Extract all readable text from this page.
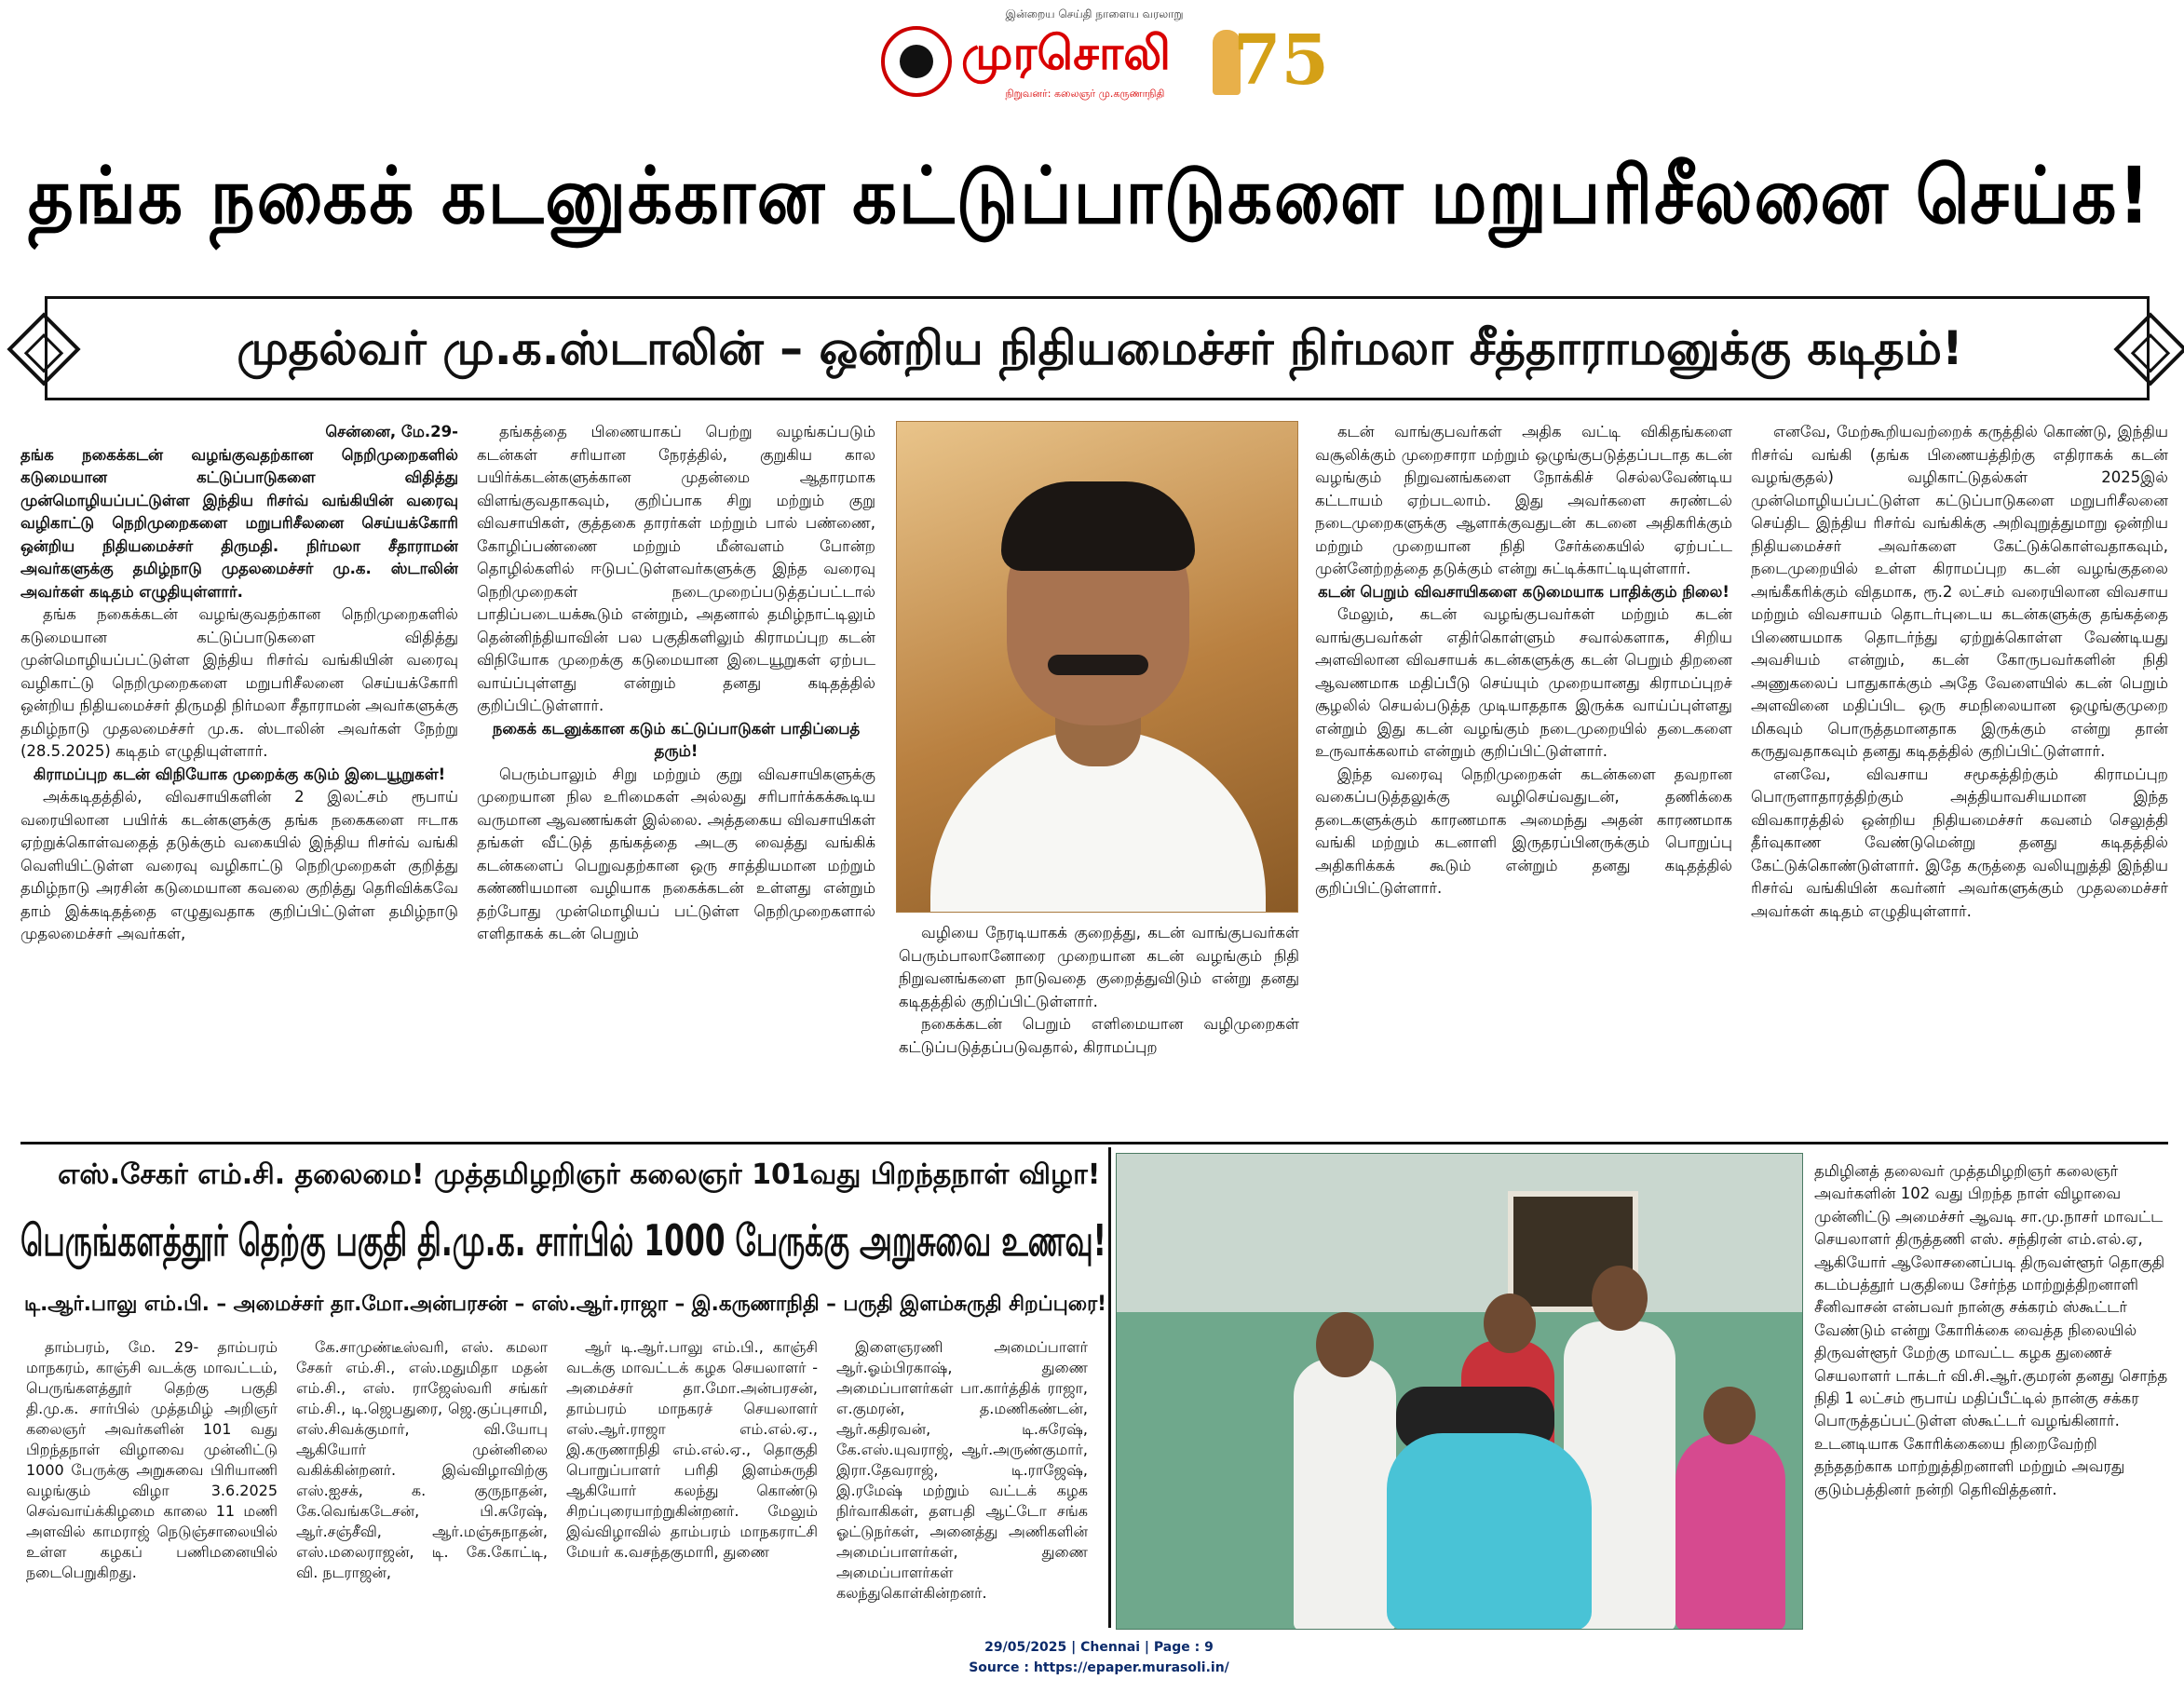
இன்றைய செய்தி நாளைய வரலாறு
முரசொலி
நிறுவனர்: கலைஞர் மு.கருணாநிதி 75
தங்க நகைக் கடனுக்கான கட்டுப்பாடுகளை மறுபரிசீலனை செய்க!
முதல்வர் மு.க.ஸ்டாலின் – ஒன்றிய நிதியமைச்சர் நிர்மலா சீத்தாராமனுக்கு கடிதம்!

சென்னை, மே.29-

தங்க நகைக்கடன் வழங்குவதற்கான நெறிமுறைகளில் கடுமையான கட்டுப்பாடுகளை விதித்து முன்மொழியப்பட்டுள்ள இந்திய ரிசர்வ் வங்கியின் வரைவு வழிகாட்டு நெறிமுறைகளை மறுபரிசீலனை செய்யக்கோரி ஒன்றிய நிதியமைச்சர் திருமதி. நிர்மலா சீதாராமன் அவர்களுக்கு தமிழ்நாடு முதலமைச்சர் மு.க. ஸ்டாலின் அவர்கள் கடிதம் எழுதியுள்ளார்.

தங்க நகைக்கடன் வழங்குவதற்கான நெறிமுறைகளில் கடுமையான கட்டுப்பாடுகளை விதித்து முன்மொழியப்பட்டுள்ள இந்திய ரிசர்வ் வங்கியின் வரைவு வழிகாட்டு நெறிமுறைகளை மறுபரிசீலனை செய்யக்கோரி ஒன்றிய நிதியமைச்சர் திருமதி நிர்மலா சீதாராமன் அவர்களுக்கு தமிழ்நாடு முதலமைச்சர் மு.க. ஸ்டாலின் அவர்கள் நேற்று (28.5.2025) கடிதம் எழுதியுள்ளார்.

கிராமப்புற கடன் விநியோக முறைக்கு கடும் இடையூறுகள்!

அக்கடிதத்தில், விவசாயிகளின் 2 இலட்சம் ரூபாய் வரையிலான பயிர்க் கடன்களுக்கு தங்க நகைகளை ஈடாக ஏற்றுக்கொள்வதைத் தடுக்கும் வகையில் இந்திய ரிசர்வ் வங்கி வெளியிட்டுள்ள வரைவு வழிகாட்டு நெறிமுறைகள் குறித்து தமிழ்நாடு அரசின் கடுமையான கவலை குறித்து தெரிவிக்கவே தாம் இக்கடிதத்தை எழுதுவதாக குறிப்பிட்டுள்ள தமிழ்நாடு முதலமைச்சர் அவர்கள்,

தங்கத்தை பிணையாகப் பெற்று வழங்கப்படும் கடன்கள் சரியான நேரத்தில், குறுகிய கால பயிர்க்கடன்களுக்கான முதன்மை ஆதாரமாக விளங்குவதாகவும், குறிப்பாக சிறு மற்றும் குறு விவசாயிகள், குத்தகை தாரர்கள் மற்றும் பால் பண்ணை, கோழிப்பண்ணை மற்றும் மீன்வளம் போன்ற தொழில்களில் ஈடுபட்டுள்ளவர்களுக்கு இந்த வரைவு நெறிமுறைகள் நடைமுறைப்படுத்தப்பட்டால் பாதிப்படையக்கூடும் என்றும், அதனால் தமிழ்நாட்டிலும் தென்னிந்தியாவின் பல பகுதிகளிலும் கிராமப்புற கடன் விநியோக முறைக்கு கடுமையான இடையூறுகள் ஏற்பட வாய்ப்புள்ளது என்றும் தனது கடிதத்தில் குறிப்பிட்டுள்ளார்.

நகைக் கடனுக்கான கடும் கட்டுப்பாடுகள் பாதிப்பைத் தரும்!

பெரும்பாலும் சிறு மற்றும் குறு விவசாயிகளுக்கு முறையான நில உரிமைகள் அல்லது சரிபார்க்கக்கூடிய வருமான ஆவணங்கள் இல்லை. அத்தகைய விவசாயிகள் தங்கள் வீட்டுத் தங்கத்தை அடகு வைத்து வங்கிக் கடன்களைப் பெறுவதற்கான ஒரு சாத்தியமான மற்றும் கண்ணியமான வழியாக நகைக்கடன் உள்ளது என்றும் தற்போது முன்மொழியப் பட்டுள்ள நெறிமுறைகளால் எளிதாகக் கடன் பெறும்	வழியை நேரடியாகக் குறைத்து, கடன் வாங்குபவர்கள் பெரும்பாலானோரை முறையான கடன் வழங்கும் நிதி நிறுவனங்களை நாடுவதை குறைத்துவிடும் என்று தனது கடிதத்தில் குறிப்பிட்டுள்ளார்.

நகைக்கடன் பெறும் எளிமையான வழிமுறைகள் கட்டுப்படுத்தப்படுவதால், கிராமப்புற

கடன் வாங்குபவர்கள் அதிக வட்டி விகிதங்களை வசூலிக்கும் முறைசாரா மற்றும் ஒழுங்குபடுத்தப்படாத கடன் வழங்கும் நிறுவனங்களை நோக்கிச் செல்லவேண்டிய கட்டாயம் ஏற்படலாம். இது அவர்களை சுரண்டல் நடைமுறைகளுக்கு ஆளாக்குவதுடன் கடனை அதிகரிக்கும் மற்றும் முறையான நிதி சேர்க்கையில் ஏற்பட்ட முன்னேற்றத்தை தடுக்கும் என்று சுட்டிக்காட்டியுள்ளார்.

கடன் பெறும் விவசாயிகளை கடுமையாக பாதிக்கும் நிலை!

மேலும், கடன் வழங்குபவர்கள் மற்றும் கடன் வாங்குபவர்கள் எதிர்கொள்ளும் சவால்களாக, சிறிய அளவிலான விவசாயக் கடன்களுக்கு கடன் பெறும் திறனை ஆவணமாக மதிப்பீடு செய்யும் முறையானது கிராமப்புறச் சூழலில் செயல்படுத்த முடியாததாக இருக்க வாய்ப்புள்ளது என்றும் இது கடன் வழங்கும் நடைமுறையில் தடைகளை உருவாக்கலாம் என்றும் குறிப்பிட்டுள்ளார்.

இந்த வரைவு நெறிமுறைகள் கடன்களை தவறான வகைப்படுத்தலுக்கு வழிசெய்வதுடன், தணிக்கை தடைகளுக்கும் காரணமாக அமைந்து அதன் காரணமாக வங்கி மற்றும் கடனாளி இருதரப்பினருக்கும் பொறுப்பு அதிகரிக்கக் கூடும் என்றும் தனது கடிதத்தில் குறிப்பிட்டுள்ளார்.

எனவே, மேற்கூறியவற்றைக் கருத்தில் கொண்டு, இந்திய ரிசர்வ் வங்கி (தங்க பிணையத்திற்கு எதிராகக் கடன் வழங்குதல்) வழிகாட்டுதல்கள் 2025இல் முன்மொழியப்பட்டுள்ள கட்டுப்பாடுகளை மறுபரிசீலனை செய்திட இந்திய ரிசர்வ் வங்கிக்கு அறிவுறுத்துமாறு ஒன்றிய நிதியமைச்சர் அவர்களை கேட்டுக்கொள்வதாகவும், நடைமுறையில் உள்ள கிராமப்புற கடன் வழங்குதலை அங்கீகரிக்கும் விதமாக, ரூ.2 லட்சம் வரையிலான விவசாய மற்றும் விவசாயம் தொடர்புடைய கடன்களுக்கு தங்கத்தை பிணையமாக தொடர்ந்து ஏற்றுக்கொள்ள வேண்டியது அவசியம் என்றும், கடன் கோருபவர்களின் நிதி அணுகலைப் பாதுகாக்கும் அதே வேளையில் கடன் பெறும் அளவினை மதிப்பிட ஒரு சமநிலையான ஒழுங்குமுறை மிகவும் பொருத்தமானதாக இருக்கும் என்று தான் கருதுவதாகவும் தனது கடிதத்தில் குறிப்பிட்டுள்ளார்.

எனவே, விவசாய சமூகத்திற்கும் கிராமப்புற பொருளாதாரத்திற்கும் அத்தியாவசியமான இந்த விவகாரத்தில் ஒன்றிய நிதியமைச்சர் கவனம் செலுத்தி தீர்வுகாண வேண்டுமென்று தனது கடிதத்தில் கேட்டுக்கொண்டுள்ளார். இதே கருத்தை வலியுறுத்தி இந்திய ரிசர்வ் வங்கியின் கவர்னர் அவர்களுக்கும் முதலமைச்சர் அவர்கள் கடிதம் எழுதியுள்ளார்.

எஸ்.சேகர் எம்.சி. தலைமை! முத்தமிழறிஞர் கலைஞர் 101வது பிறந்தநாள் விழா!
பெருங்களத்தூர் தெற்கு பகுதி தி.மு.க. சார்பில் 1000 பேருக்கு அறுசுவை உணவு!
டி.ஆர்.பாலு எம்.பி. – அமைச்சர் தா.மோ.அன்பரசன் – எஸ்.ஆர்.ராஜா – இ.கருணாநிதி – பருதி இளம்சுருதி சிறப்புரை!

தாம்பரம், மே. 29- தாம்பரம் மாநகரம், காஞ்சி வடக்கு மாவட்டம், பெருங்களத்தூர் தெற்கு பகுதி தி.மு.க. சார்பில் முத்தமிழ் அறிஞர் கலைஞர் அவர்களின் 101 வது பிறந்தநாள் விழாவை முன்னிட்டு 1000 பேருக்கு அறுசுவை பிரியாணி வழங்கும் விழா 3.6.2025 செவ்வாய்க்கிழமை காலை 11 மணி அளவில் காமராஜ் நெடுஞ்சாலையில் உள்ள கழகப் பணிமனையில் நடைபெறுகிறது.

கே.சாமுண்டீஸ்வரி, எஸ். கமலா சேகர் எம்.சி., எஸ்.மதுமிதா மதன் எம்.சி., எஸ். ராஜேஸ்வரி சங்கர் எம்.சி., டி.ஜெபதுரை, ஜெ.குப்புசாமி, எஸ்.சிவக்குமார், வி.யோபு ஆகியோர் முன்னிலை வகிக்கின்றனர். இவ்விழாவிற்கு எஸ்.ஐசக், க. குருநாதன், கே.வெங்கடேசன், பி.சுரேஷ், ஆர்.சஞ்சீவி, ஆர்.மஞ்சுநாதன், எஸ்.மலைராஜன், டி. கே.கோட்டி, வி. நடராஜன்,

ஆர் டி.ஆர்.பாலு எம்.பி., காஞ்சி வடக்கு மாவட்டக் கழக செயலாளர் - அமைச்சர் தா.மோ.அன்பரசன், தாம்பரம் மாநகரச் செயலாளர் எஸ்.ஆர்.ராஜா எம்.எல்.ஏ., இ.கருணாநிதி எம்.எல்.ஏ., தொகுதி பொறுப்பாளர் பரிதி இளம்சுருதி ஆகியோர் கலந்து கொண்டு சிறப்புரையாற்றுகின்றனர். மேலும் இவ்விழாவில் தாம்பரம் மாநகராட்சி மேயர் க.வசந்தகுமாரி, துணை

இளைஞரணி அமைப்பாளர் ஆர்.ஓம்பிரகாஷ், துணை அமைப்பாளர்கள் பா.கார்த்திக் ராஜா, எ.குமரன், த.மணிகண்டன், ஆர்.கதிரவன், டி.சுரேஷ், கே.எஸ்.யுவராஜ், ஆர்.அருண்குமார், இரா.தேவராஜ், டி.ராஜேஷ், இ.ரமேஷ் மற்றும் வட்டக் கழக நிர்வாகிகள், தளபதி ஆட்டோ சங்க ஓட்டுநர்கள், அனைத்து அணிகளின் அமைப்பாளர்கள், துணை அமைப்பாளர்கள் கலந்துகொள்கின்றனர்.

தமிழினத் தலைவர் முத்தமிழறிஞர் கலைஞர் அவர்களின் 102 வது பிறந்த நாள் விழாவை முன்னிட்டு அமைச்சர் ஆவடி சா.மு.நாசர் மாவட்ட செயலாளர் திருத்தணி எஸ். சந்திரன் எம்.எல்.ஏ, ஆகியோர் ஆலோசனைப்படி திருவள்ளூர் தொகுதி கடம்பத்தூர் பகுதியை சேர்ந்த மாற்றுத்திறனாளி சீனிவாசன் என்பவர் நான்கு சக்கரம் ஸ்கூட்டர் வேண்டும் என்று கோரிக்கை வைத்த நிலையில் திருவள்ளூர் மேற்கு மாவட்ட கழக துணைச் செயலாளர் டாக்டர் வி.சி.ஆர்.குமரன் தனது சொந்த நிதி 1 லட்சம் ரூபாய் மதிப்பீட்டில் நான்கு சக்கர பொருத்தப்பட்டுள்ள ஸ்கூட்டர் வழங்கினார். உடனடியாக கோரிக்கையை நிறைவேற்றி தந்ததற்காக மாற்றுத்திறனாளி மற்றும் அவரது குடும்பத்தினர் நன்றி தெரிவித்தனர்.
29/05/2025 | Chennai | Page : 9
Source : https://epaper.murasoli.in/
